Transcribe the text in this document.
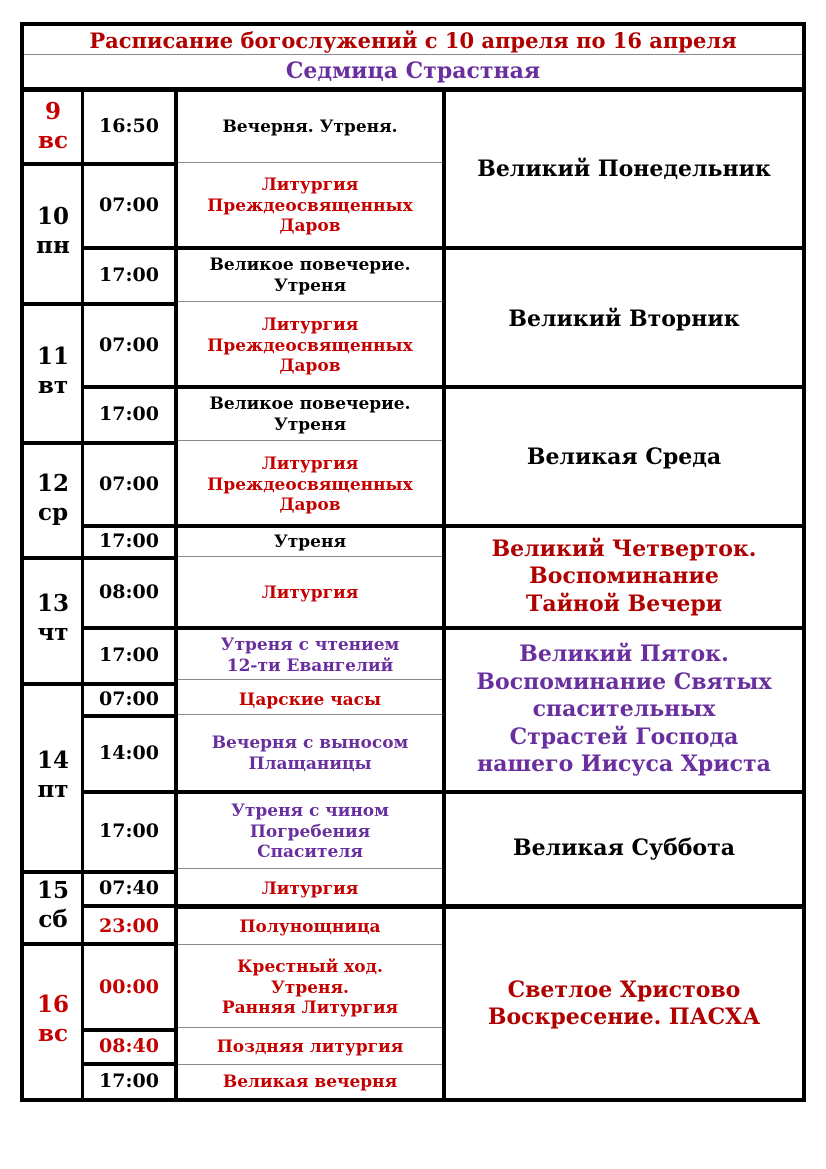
Расписание богослужений с 10 апреля по 16 апреля
Седмица Страстная
9
вс
10
пн
11
вт
12
ср
13
чт
14
пт
15
сб
16
вс
16:50
07:00
17:00
07:00
17:00
07:00
17:00
08:00
17:00
07:00
14:00
17:00
07:40
23:00
00:00
08:40
17:00
Вечерня. Утреня.
Литургия
Преждеосвященных
Даров
Великое повечерие.
Утреня
Литургия
Преждеосвященных
Даров
Великое повечерие.
Утреня
Литургия
Преждеосвященных
Даров
Утреня
Литургия
Утреня с чтением
12-ти Евангелий
Царские часы
Вечерня с выносом
Плащаницы
Утреня с чином
Погребения
Спасителя
Литургия
Полунощница
Крестный ход.
Утреня.
Ранняя Литургия
Поздняя литургия
Великая вечерня
Великий Понедельник
Великий Вторник
Великая Среда
Великий Четверток.
Воспоминание
Тайной Вечери
Великий Пяток.
Воспоминание Святых
спасительных
Страстей Господа
нашего Иисуса Христа
Великая Суббота
Светлое Христово
Воскресение. ПАСХА
